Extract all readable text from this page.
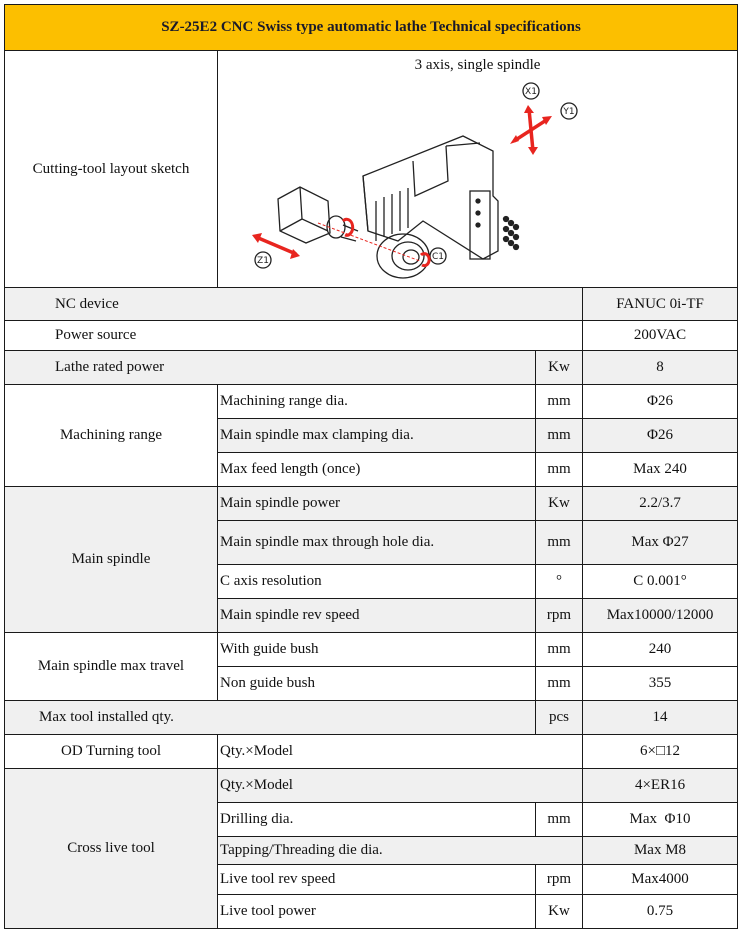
SZ-25E2 CNC Swiss type automatic lathe Technical specifications			
Cutting-tool layout sketch	3 axis, single spindle
X1
Y1
Z1 C1		

NC device			FANUC 0i-TF
Power source			200VAC
Lathe rated power		Kw	8
Machining range	Machining range dia.	mm	Φ26
	Main spindle max clamping dia.	mm	Φ26
	Max feed length (once)	mm	Max 240
Main spindle	Main spindle power	Kw	2.2/3.7
	Main spindle max through hole dia.	mm	Max Φ27
	C axis resolution	°	C 0.001°
	Main spindle rev speed	rpm	Max10000/12000
Main spindle max travel	With guide bush	mm	240
	Non guide bush	mm	355
Max tool installed qty.		pcs	14
OD Turning tool	Qty.×Model		6×□12
Cross live tool	Qty.×Model		4×ER16
	Drilling dia.	mm	Max  Φ10
	Tapping/Threading die dia.		Max M8
	Live tool rev speed	rpm	Max4000
	Live tool power	Kw	0.75
